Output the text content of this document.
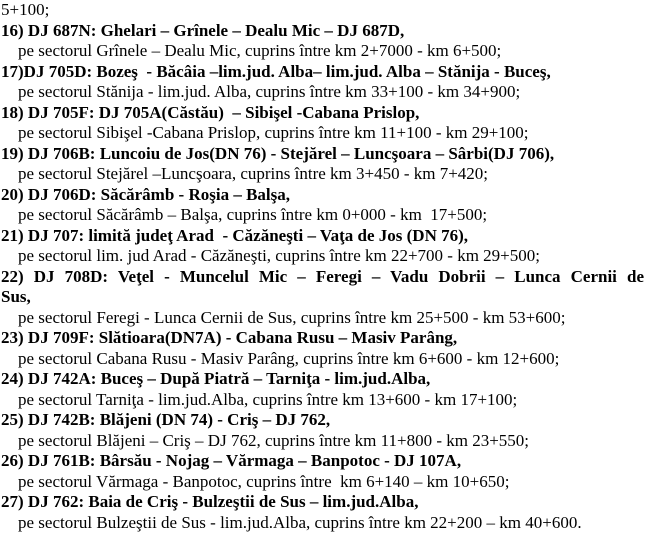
5+100;
16) DJ 687N: Ghelari – Grînele – Dealu Mic – DJ 687D,
pe sectorul Grînele – Dealu Mic, cuprins între km 2+7000 - km 6+500;
17)DJ 705D: Bozeş  - Băcâia –lim.jud. Alba– lim.jud. Alba – Stănija - Buceş,
pe sectorul Stănija - lim.jud. Alba, cuprins între km 33+100 - km 34+900;
18) DJ 705F: DJ 705A(Căstău)  – Sibişel -Cabana Prislop,
pe sectorul Sibişel -Cabana Prislop, cuprins între km 11+100 - km 29+100;
19) DJ 706B: Luncoiu de Jos(DN 76) - Stejărel – Luncşoara – Sârbi(DJ 706),
pe sectorul Stejărel –Luncşoara, cuprins între km 3+450 - km 7+420;
20) DJ 706D: Săcărâmb - Roşia – Balşa,
pe sectorul Săcărâmb – Balşa, cuprins între km 0+000 - km  17+500;
21) DJ 707: limită judeţ Arad  - Căzăneşti – Vaţa de Jos (DN 76),
pe sectorul lim. jud Arad - Căzăneşti, cuprins între km 22+700 - km 29+500;
22) DJ 708D: Veţel - Muncelul Mic – Feregi – Vadu Dobrii – Lunca Cernii de
Sus,
pe sectorul Feregi - Lunca Cernii de Sus, cuprins între km 25+500 - km 53+600;
23) DJ 709F: Slătioara(DN7A) - Cabana Rusu – Masiv Parâng,
pe sectorul Cabana Rusu - Masiv Parâng, cuprins între km 6+600 - km 12+600;
24) DJ 742A: Buceş – După Piatră – Tarniţa - lim.jud.Alba,
pe sectorul Tarniţa - lim.jud.Alba, cuprins între km 13+600 - km 17+100;
25) DJ 742B: Blăjeni (DN 74) - Criş – DJ 762,
pe sectorul Blăjeni – Criş – DJ 762, cuprins între km 11+800 - km 23+550;
26) DJ 761B: Bârsău - Nojag – Vărmaga – Banpotoc - DJ 107A,
pe sectorul Vărmaga - Banpotoc, cuprins între  km 6+140 – km 10+650;
27) DJ 762: Baia de Criş - Bulzeştii de Sus – lim.jud.Alba,
pe sectorul Bulzeştii de Sus - lim.jud.Alba, cuprins între km 22+200 – km 40+600.
